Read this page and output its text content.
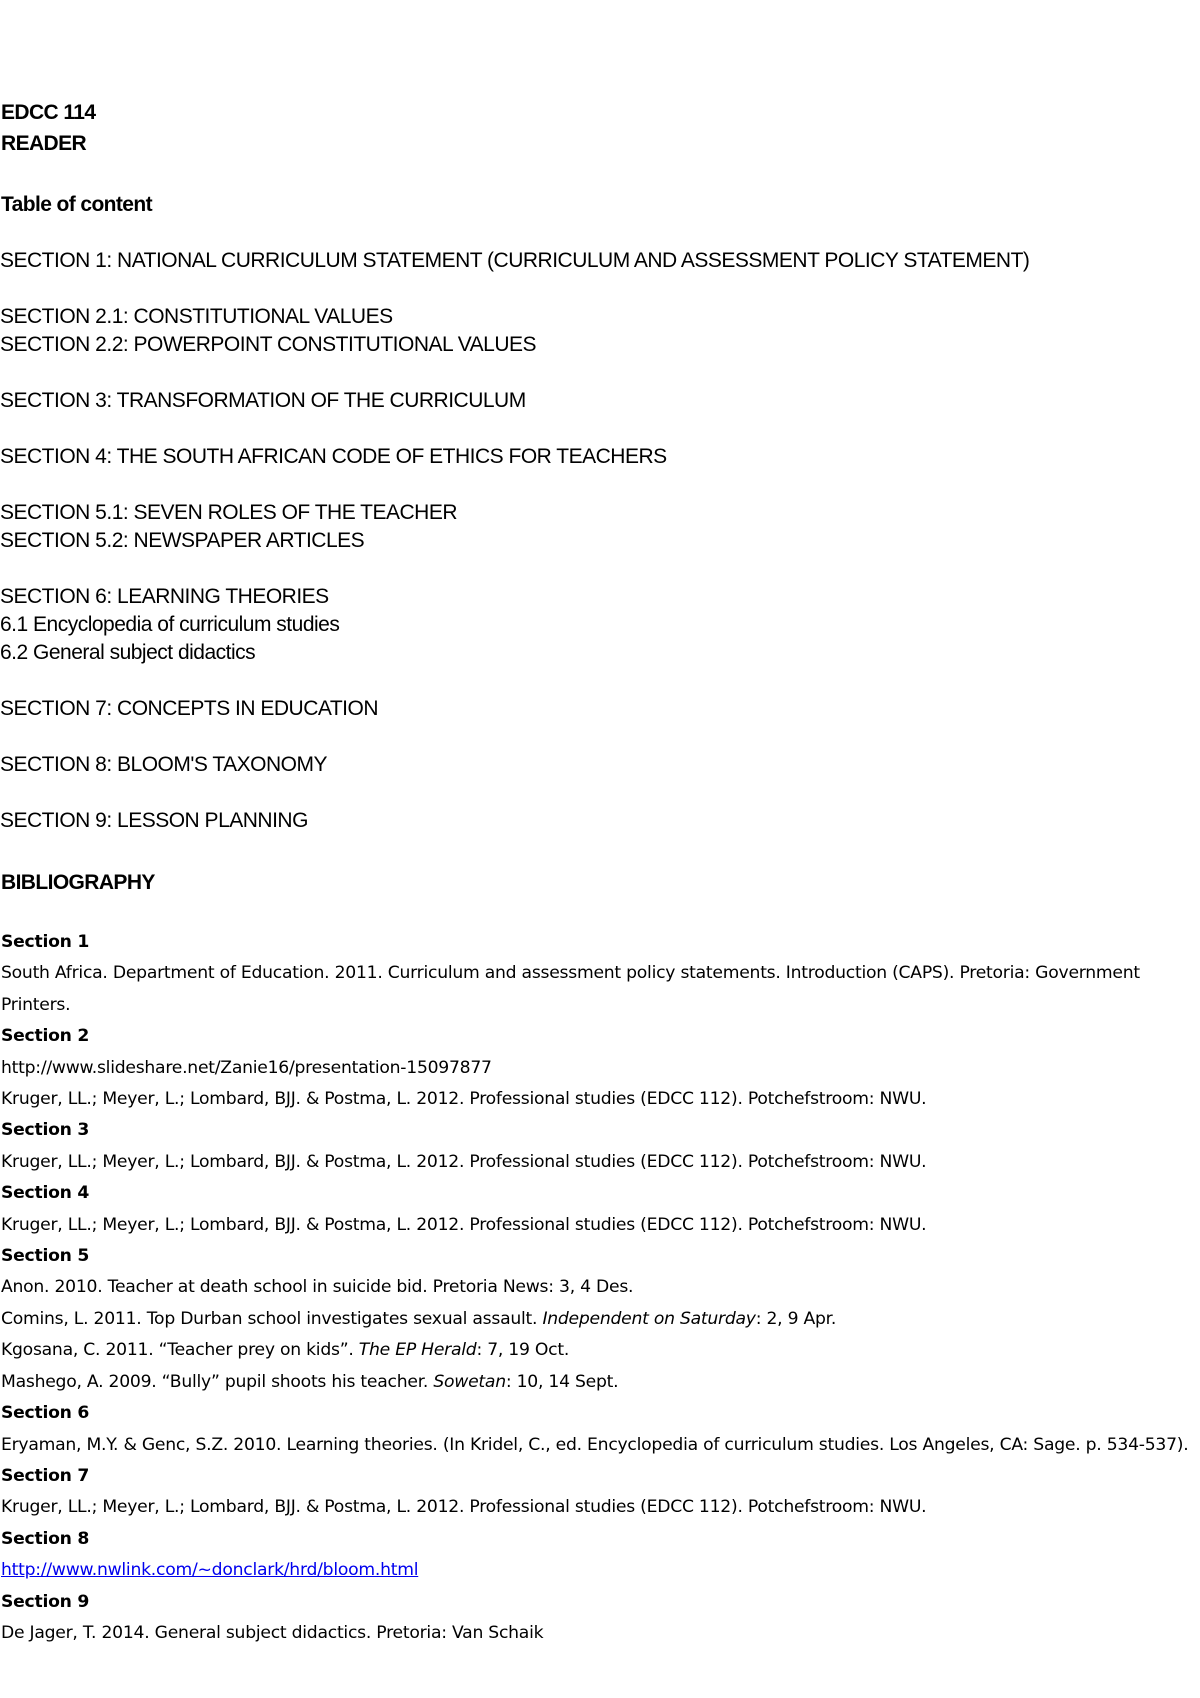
EDCC 114
READER
Table of content
SECTION 1: NATIONAL CURRICULUM STATEMENT (CURRICULUM AND ASSESSMENT POLICY STATEMENT)
SECTION 2.1: CONSTITUTIONAL VALUES
SECTION 2.2: POWERPOINT CONSTITUTIONAL VALUES
SECTION 3: TRANSFORMATION OF THE CURRICULUM
SECTION 4: THE SOUTH AFRICAN CODE OF ETHICS FOR TEACHERS
SECTION 5.1: SEVEN ROLES OF THE TEACHER
SECTION 5.2: NEWSPAPER ARTICLES
SECTION 6: LEARNING THEORIES
6.1 Encyclopedia of curriculum studies
6.2 General subject didactics
SECTION 7: CONCEPTS IN EDUCATION
SECTION 8: BLOOM'S TAXONOMY
SECTION 9: LESSON PLANNING
BIBLIOGRAPHY
Section 1
South Africa. Department of Education. 2011. Curriculum and assessment policy statements. Introduction (CAPS). Pretoria: Government Printers.
Section 2
http://www.slideshare.net/Zanie16/presentation-15097877
Kruger, LL.; Meyer, L.; Lombard, BJJ. & Postma, L. 2012. Professional studies (EDCC 112). Potchefstroom: NWU.
Section 3
Kruger, LL.; Meyer, L.; Lombard, BJJ. & Postma, L. 2012. Professional studies (EDCC 112). Potchefstroom: NWU.
Section 4
Kruger, LL.; Meyer, L.; Lombard, BJJ. & Postma, L. 2012. Professional studies (EDCC 112). Potchefstroom: NWU.
Section 5
Anon. 2010. Teacher at death school in suicide bid. Pretoria News: 3, 4 Des.
Comins, L. 2011. Top Durban school investigates sexual assault. Independent on Saturday: 2, 9 Apr.
Kgosana, C. 2011. “Teacher prey on kids”. The EP Herald: 7, 19 Oct.
Mashego, A. 2009. “Bully” pupil shoots his teacher. Sowetan: 10, 14 Sept.
Section 6
Eryaman, M.Y. & Genc, S.Z. 2010. Learning theories. (In Kridel, C., ed. Encyclopedia of curriculum studies. Los Angeles, CA: Sage. p. 534-537).
Section 7
Kruger, LL.; Meyer, L.; Lombard, BJJ. & Postma, L. 2012. Professional studies (EDCC 112). Potchefstroom: NWU.
Section 8
http://www.nwlink.com/~donclark/hrd/bloom.html
Section 9
De Jager, T. 2014. General subject didactics. Pretoria: Van Schaik
